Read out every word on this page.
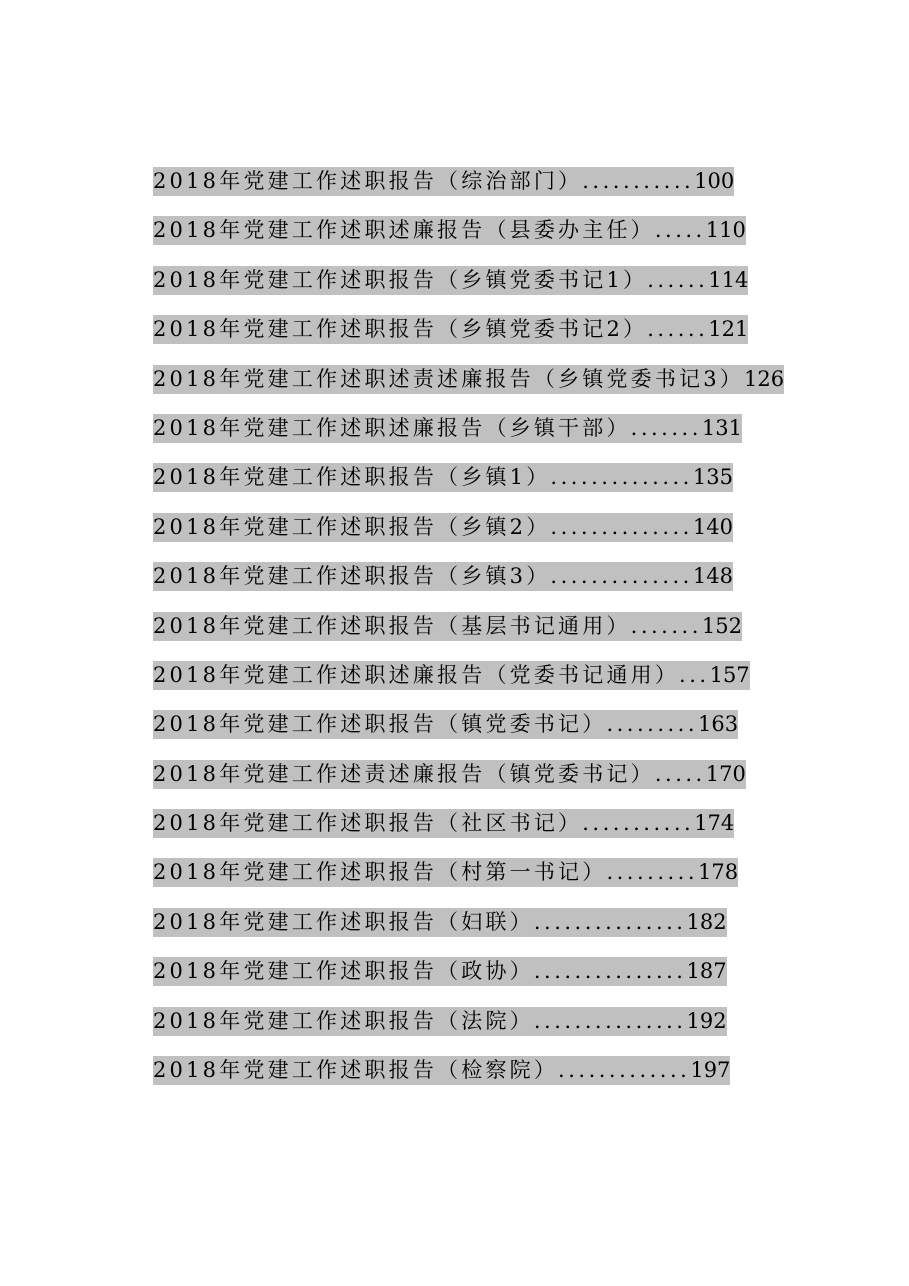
2018年党建工作述职报告（综治部门）...........100
2018年党建工作述职述廉报告（县委办主任）.....110
2018年党建工作述职报告（乡镇党委书记1）......114
2018年党建工作述职报告（乡镇党委书记2）......121
2018年党建工作述职述责述廉报告（乡镇党委书记3）126
2018年党建工作述职述廉报告（乡镇干部）.......131
2018年党建工作述职报告（乡镇1）..............135
2018年党建工作述职报告（乡镇2）..............140
2018年党建工作述职报告（乡镇3）..............148
2018年党建工作述职报告（基层书记通用）.......152
2018年党建工作述职述廉报告（党委书记通用）...157
2018年党建工作述职报告（镇党委书记）.........163
2018年党建工作述责述廉报告（镇党委书记）.....170
2018年党建工作述职报告（社区书记）...........174
2018年党建工作述职报告（村第一书记）.........178
2018年党建工作述职报告（妇联）...............182
2018年党建工作述职报告（政协）...............187
2018年党建工作述职报告（法院）...............192
2018年党建工作述职报告（检察院）.............197
